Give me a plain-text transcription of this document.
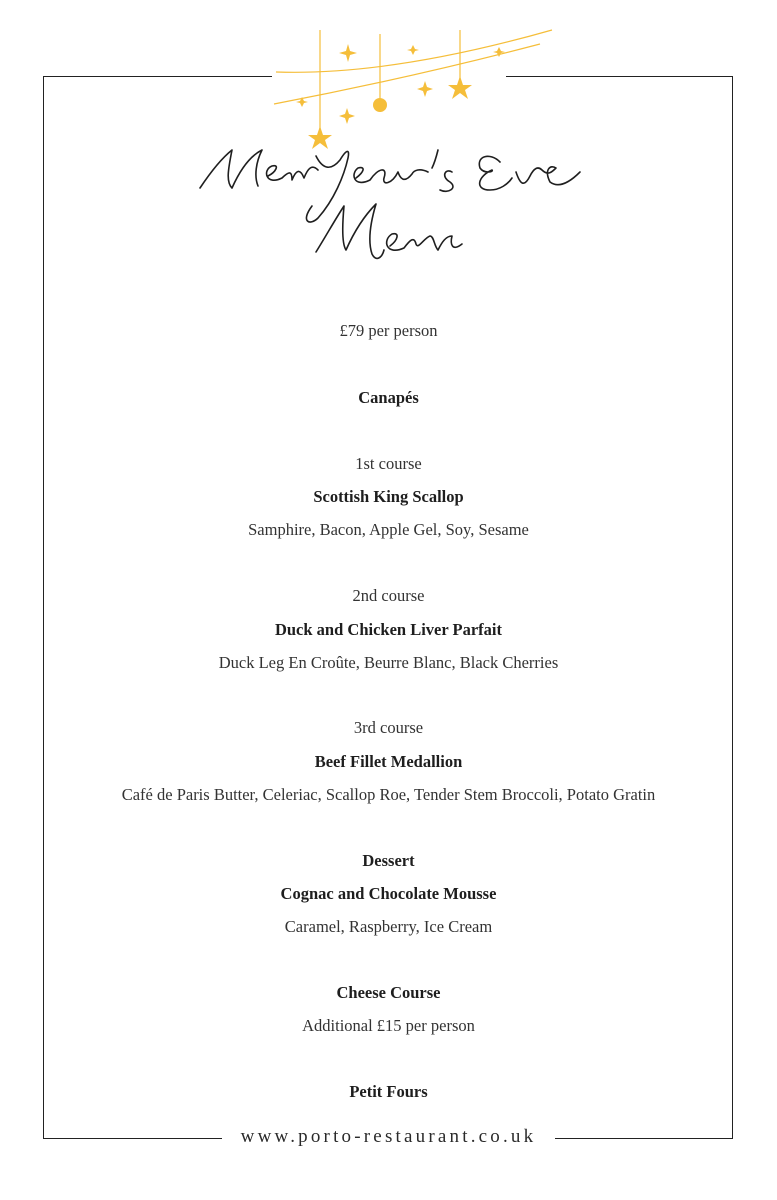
£79 per person
Canapés
1st course
Scottish King Scallop
Samphire, Bacon, Apple Gel, Soy, Sesame
2nd course
Duck and Chicken Liver Parfait
Duck Leg En Croûte, Beurre Blanc, Black Cherries
3rd course
Beef Fillet Medallion
Café de Paris Butter, Celeriac, Scallop Roe, Tender Stem Broccoli, Potato Gratin
Dessert
Cognac and Chocolate Mousse
Caramel, Raspberry, Ice Cream
Cheese Course
Additional £15 per person
Petit Fours
www.porto-restaurant.co.uk
